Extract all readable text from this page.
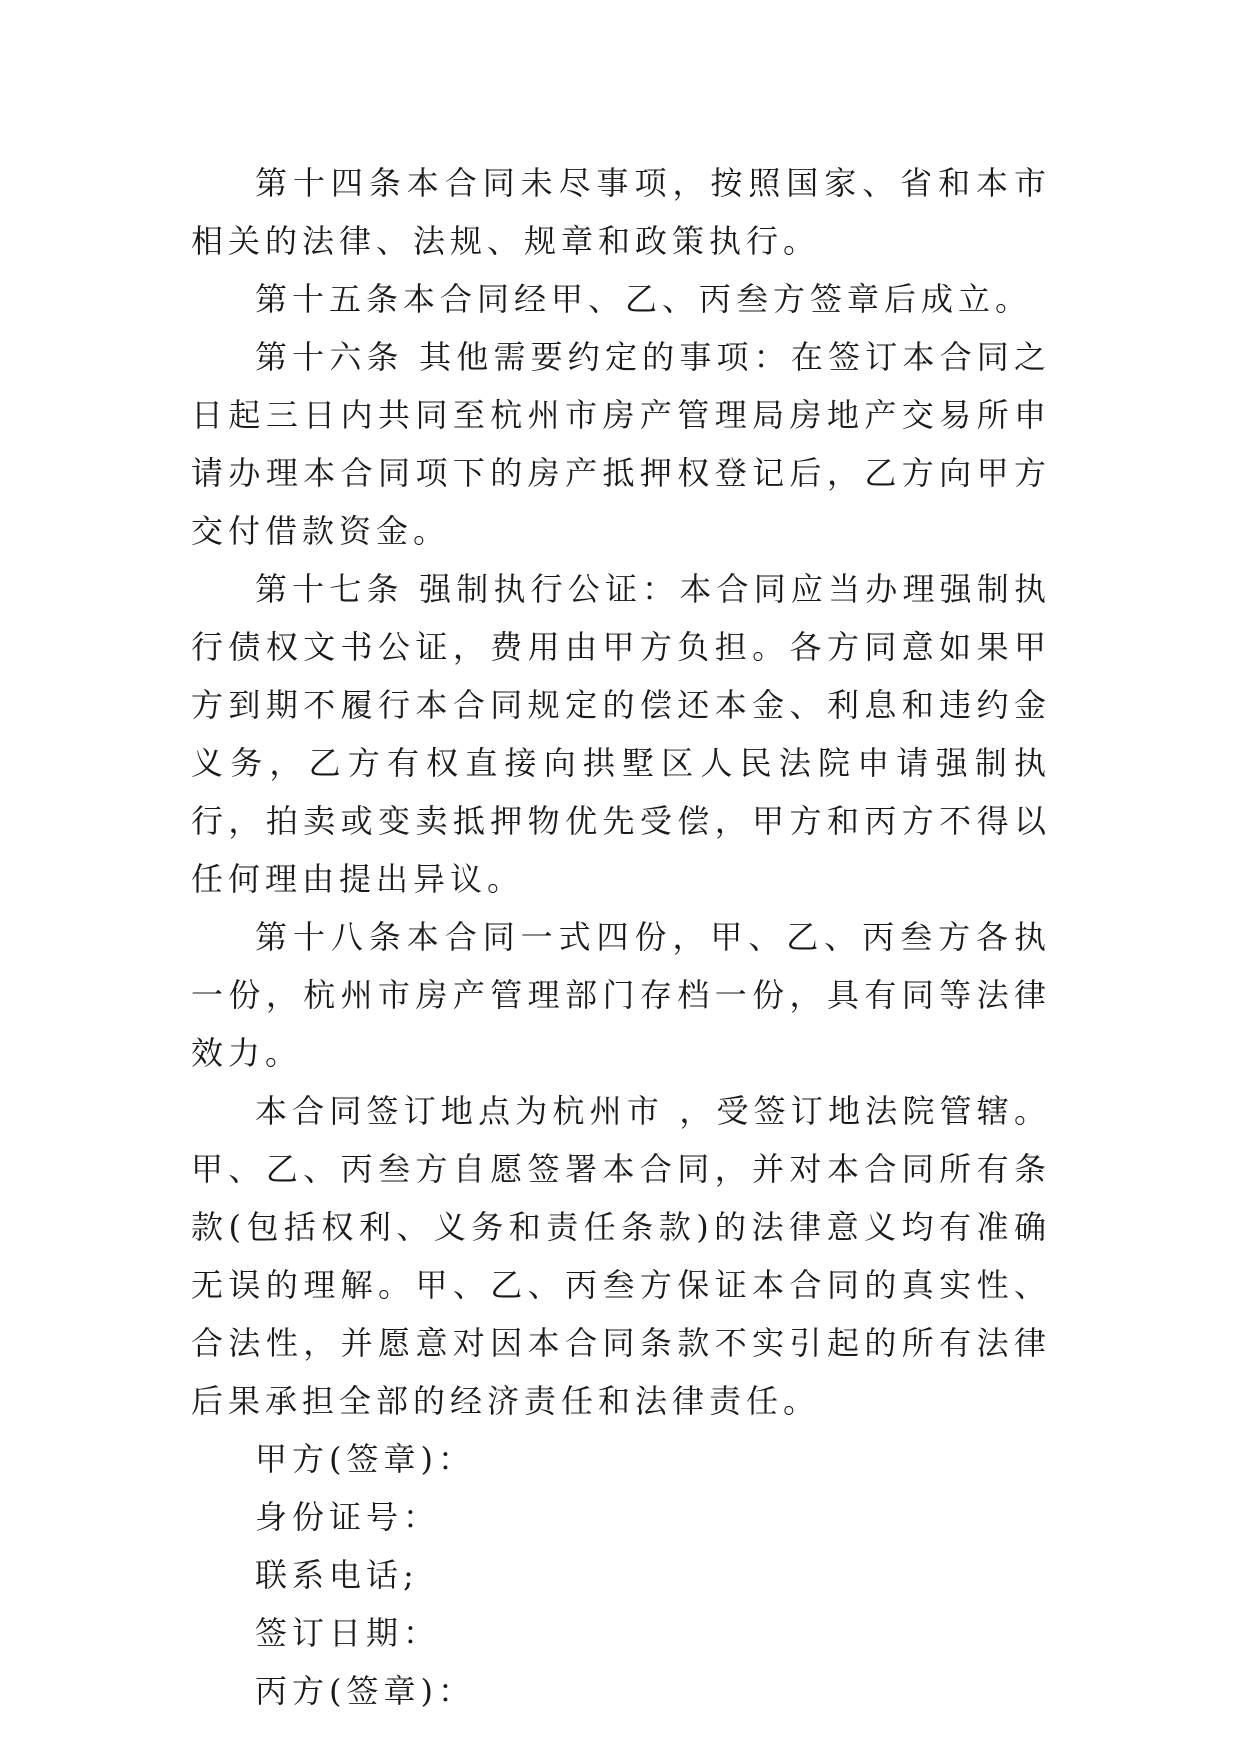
第十四条本合同未尽事项，按照国家、省和本市相关的法律、法规、规章和政策执行。

第十五条本合同经甲、乙、丙叁方签章后成立。

第十六条 其他需要约定的事项：在签订本合同之日起三日内共同至杭州市房产管理局房地产交易所申请办理本合同项下的房产抵押权登记后，乙方向甲方交付借款资金。

第十七条 强制执行公证：本合同应当办理强制执行债权文书公证，费用由甲方负担。各方同意如果甲方到期不履行本合同规定的偿还本金、利息和违约金义务，乙方有权直接向拱墅区人民法院申请强制执行，拍卖或变卖抵押物优先受偿，甲方和丙方不得以任何理由提出异议。

第十八条本合同一式四份，甲、乙、丙叁方各执一份，杭州市房产管理部门存档一份，具有同等法律效力。

本合同签订地点为杭州市 ，受签订地法院管辖。 甲、乙、丙叁方自愿签署本合同，并对本合同所有条款(包括权利、义务和责任条款)的法律意义均有准确无误的理解。甲、乙、丙叁方保证本合同的真实性、合法性，并愿意对因本合同条款不实引起的所有法律后果承担全部的经济责任和法律责任。

甲方(签章)：

身份证号：

联系电话;

签订日期：

丙方(签章)：
